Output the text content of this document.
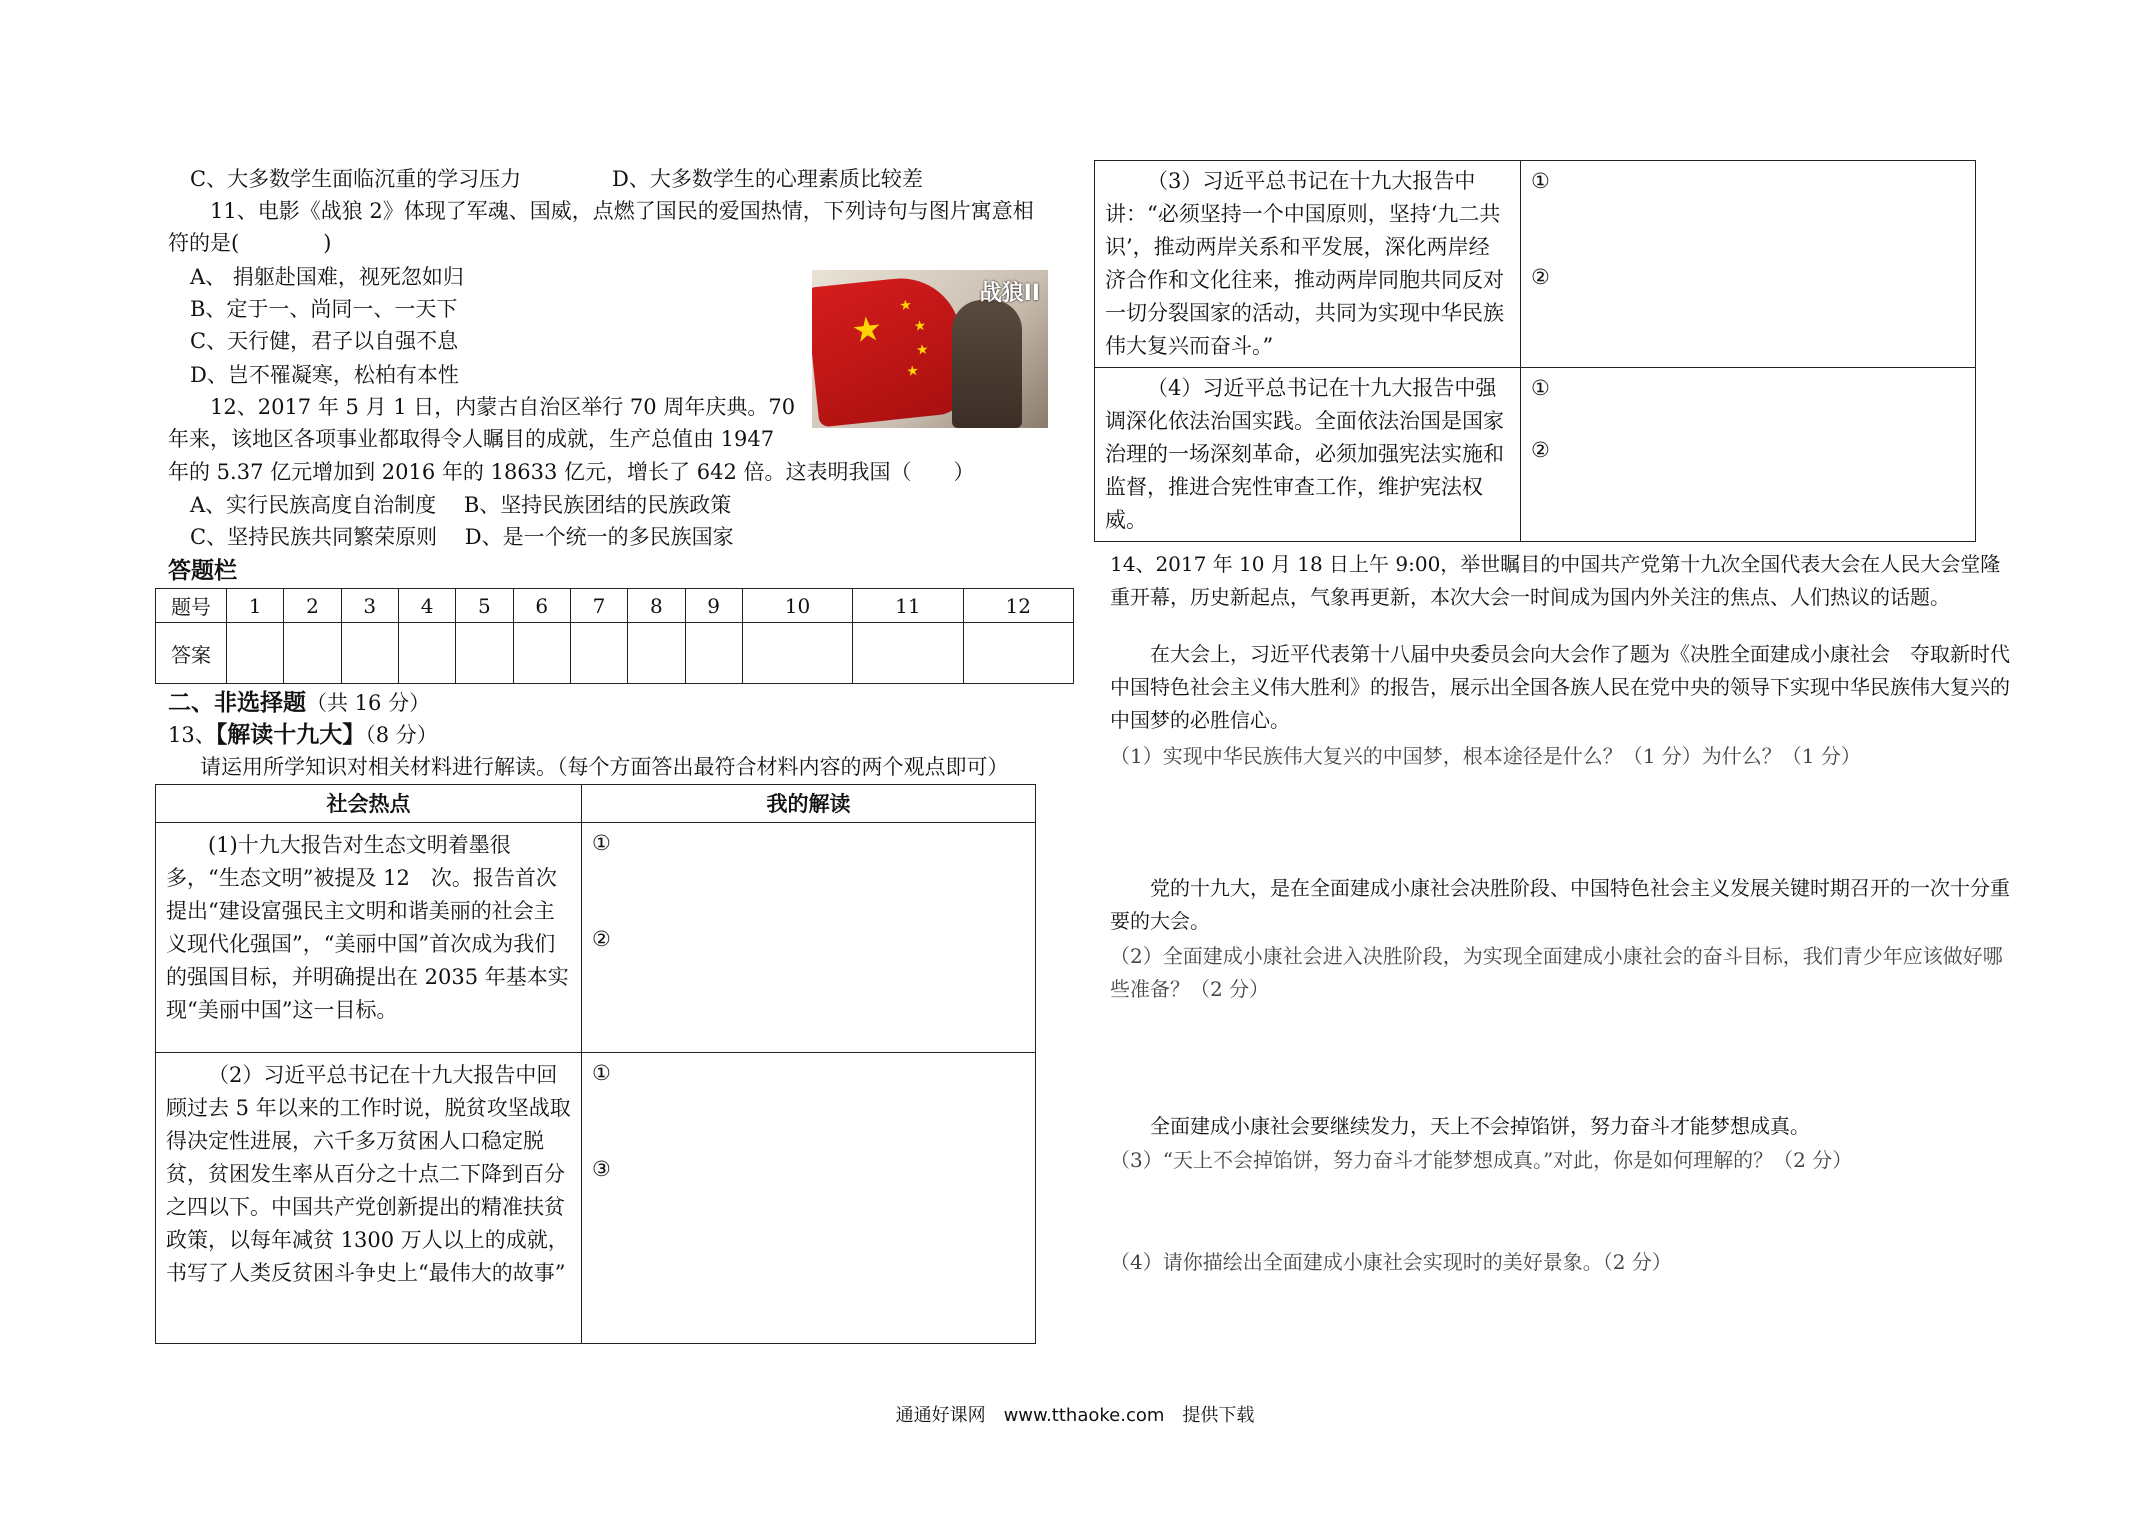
C、大多数学生面临沉重的学习压力	D、大多数学生的心理素质比较差
11、电影《战狼 2》体现了军魂、国威，点燃了国民的爱国热情，下列诗句与图片寓意相
符的是(　　　　)
A、 捐躯赴国难，视死忽如归
B、定于一、尚同一、一天下
C、天行健，君子以自强不息
D、岂不罹凝寒，松柏有本性
★
★
★
★
★
战狼II
12、2017 年 5 月 1 日，内蒙古自治区举行 70 周年庆典。70
年来，该地区各项事业都取得令人瞩目的成就，生产总值由 1947
年的 5.37 亿元增加到 2016 年的 18633 亿元，增长了 642 倍。这表明我国（　　）
A、实行民族高度自治制度　 B、坚持民族团结的民族政策
C、坚持民族共同繁荣原则　 D、是一个统一的多民族国家
答题栏
题号	1	2	3	4	5	6	7	8	9	10	11	12
答案												
二、非选择题（共 16 分）
13、【解读十九大】（8 分）
请运用所学知识对相关材料进行解读。（每个方面答出最符合材料内容的两个观点即可）
社会热点	我的解读
(1)十九大报告对生态文明着墨很多，“生态文明”被提及 12　次。报告首次提出“建设富强民主文明和谐美丽的社会主义现代化强国”，“美丽中国”首次成为我们的强国目标，并明确提出在 2035 年基本实现“美丽中国”这一目标。	①
②

（2）习近平总书记在十九大报告中回顾过去 5 年以来的工作时说，脱贫攻坚战取得决定性进展，六千多万贫困人口稳定脱贫，贫困发生率从百分之十点二下降到百分之四以下。中国共产党创新提出的精准扶贫政策，以每年减贫 1300 万人以上的成就，书写了人类反贫困斗争史上“最伟大的故事”	①
③
（3）习近平总书记在十九大报告中讲：“必须坚持一个中国原则，坚持‘九二共识’，推动两岸关系和平发展，深化两岸经济合作和文化往来，推动两岸同胞共同反对一切分裂国家的活动，共同为实现中华民族伟大复兴而奋斗。”	①
②

（4）习近平总书记在十九大报告中强调深化依法治国实践。全面依法治国是国家治理的一场深刻革命，必须加强宪法实施和监督，推进合宪性审查工作，维护宪法权威。	①
②
14、2017 年 10 月 18 日上午 9:00，举世瞩目的中国共产党第十九次全国代表大会在人民大会堂隆重开幕，历史新起点，气象再更新，本次大会一时间成为国内外关注的焦点、人们热议的话题。
在大会上，习近平代表第十八届中央委员会向大会作了题为《决胜全面建成小康社会　夺取新时代中国特色社会主义伟大胜利》的报告，展示出全国各族人民在党中央的领导下实现中华民族伟大复兴的中国梦的必胜信心。
（1）实现中华民族伟大复兴的中国梦，根本途径是什么？（1 分）为什么？（1 分）
党的十九大，是在全面建成小康社会决胜阶段、中国特色社会主义发展关键时期召开的一次十分重要的大会。
（2）全面建成小康社会进入决胜阶段，为实现全面建成小康社会的奋斗目标，我们青少年应该做好哪些准备？（2 分）
全面建成小康社会要继续发力，天上不会掉馅饼，努力奋斗才能梦想成真。
（3）“天上不会掉馅饼，努力奋斗才能梦想成真。”对此，你是如何理解的？（2 分）
（4）请你描绘出全面建成小康社会实现时的美好景象。（2 分）
通通好课网　www.tthaoke.com　提供下载
